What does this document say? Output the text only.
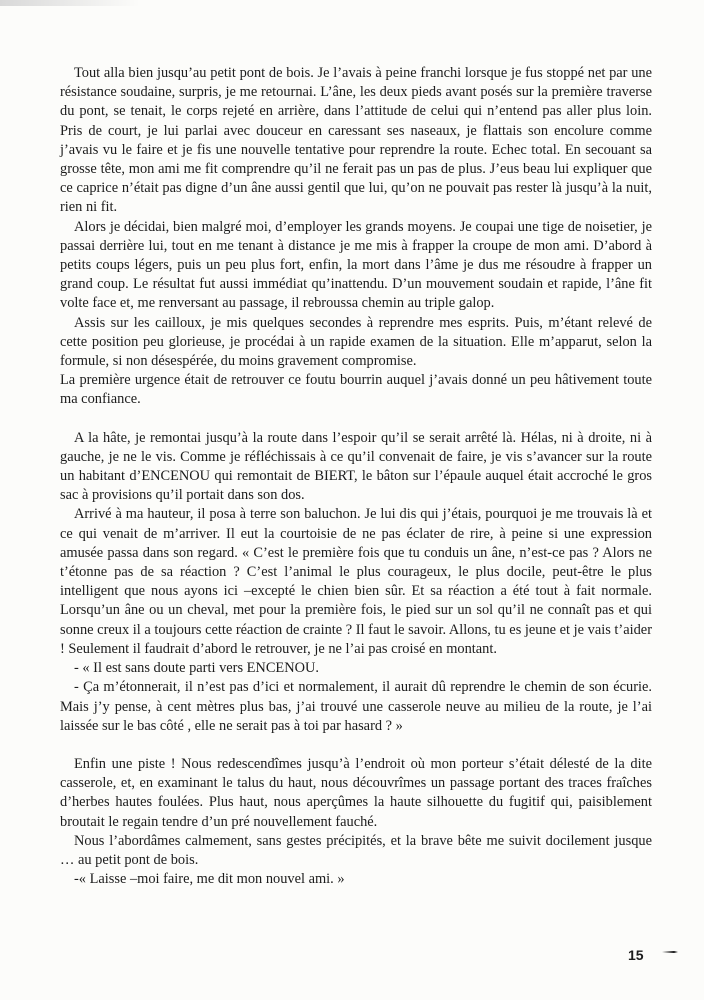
Tout alla bien jusqu’au petit pont de bois. Je l’avais à peine franchi lorsque je fus stoppé net par une résistance soudaine, surpris, je me retournai. L’âne, les deux pieds avant posés sur la première traverse du pont, se tenait, le corps rejeté en arrière, dans l’attitude de celui qui n’entend pas aller plus loin. Pris de court, je lui parlai avec douceur en caressant ses naseaux, je flattais son encolure comme j’avais vu le faire et je fis une nouvelle tentative pour reprendre la route. Echec total. En secouant sa grosse tête, mon ami me fit comprendre qu’il ne ferait pas un pas de plus. J’eus beau lui expliquer que ce caprice n’était pas digne d’un âne aussi gentil que lui, qu’on ne pouvait pas rester là jusqu’à la nuit, rien ni fit.

Alors je décidai, bien malgré moi, d’employer les grands moyens. Je coupai une tige de noisetier, je passai derrière lui, tout en me tenant à distance je me mis à frapper la croupe de mon ami. D’abord à petits coups légers, puis un peu plus fort, enfin, la mort dans l’âme je dus me résoudre à frapper un grand coup. Le résultat fut aussi immédiat qu’inattendu. D’un mouvement soudain et rapide, l’âne fit volte face et, me renversant au passage, il rebroussa chemin au triple galop.

Assis sur les cailloux, je mis quelques secondes à reprendre mes esprits. Puis, m’étant relevé de cette position peu glorieuse, je procédai à un rapide examen de la situation. Elle m’apparut, selon la formule, si non désespérée, du moins gravement compromise.

La première urgence était de retrouver ce foutu bourrin auquel j’avais donné un peu hâtivement toute ma confiance.

A la hâte, je remontai jusqu’à la route dans l’espoir qu’il se serait arrêté là. Hélas, ni à droite, ni à gauche, je ne le vis. Comme je réfléchissais à ce qu’il convenait de faire, je vis s’avancer sur la route un habitant d’ENCENOU qui remontait de BIERT, le bâton sur l’épaule auquel était accroché le gros sac à provisions qu’il portait dans son dos.

Arrivé à ma hauteur, il posa à terre son baluchon. Je lui dis qui j’étais, pourquoi je me trouvais là et ce qui venait de m’arriver. Il eut la courtoisie de ne pas éclater de rire, à peine si une expression amusée passa dans son regard. « C’est le première fois que tu conduis un âne, n’est-ce pas ? Alors ne t’étonne pas de sa réaction ? C’est l’animal le plus courageux, le plus docile, peut-être le plus intelligent que nous ayons ici –excepté le chien bien sûr. Et sa réaction a été tout à fait normale. Lorsqu’un âne ou un cheval, met pour la première fois, le pied sur un sol qu’il ne connaît pas et qui sonne creux il a toujours cette réaction de crainte ? Il faut le savoir. Allons, tu es jeune et je vais t’aider ! Seulement il faudrait d’abord le retrouver, je ne l’ai pas croisé en montant.

- « Il est sans doute parti vers ENCENOU.

- Ça m’étonnerait, il n’est pas d’ici et normalement, il aurait dû reprendre le chemin de son écurie. Mais j’y pense, à cent mètres plus bas, j’ai trouvé une casserole neuve au milieu de la route, je l’ai laissée sur le bas côté , elle ne serait pas à toi par hasard ? »

Enfin une piste ! Nous redescendîmes jusqu’à l’endroit où mon porteur s’était délesté de la dite casserole, et, en examinant le talus du haut, nous découvrîmes un passage portant des traces fraîches d’herbes hautes foulées. Plus haut, nous aperçûmes la haute silhouette du fugitif qui, paisiblement broutait le regain tendre d’un pré nouvellement fauché.

Nous l’abordâmes calmement, sans gestes précipités, et la brave bête me suivit docilement jusque … au petit pont de bois.

-« Laisse –moi faire, me dit mon nouvel ami. »

15
